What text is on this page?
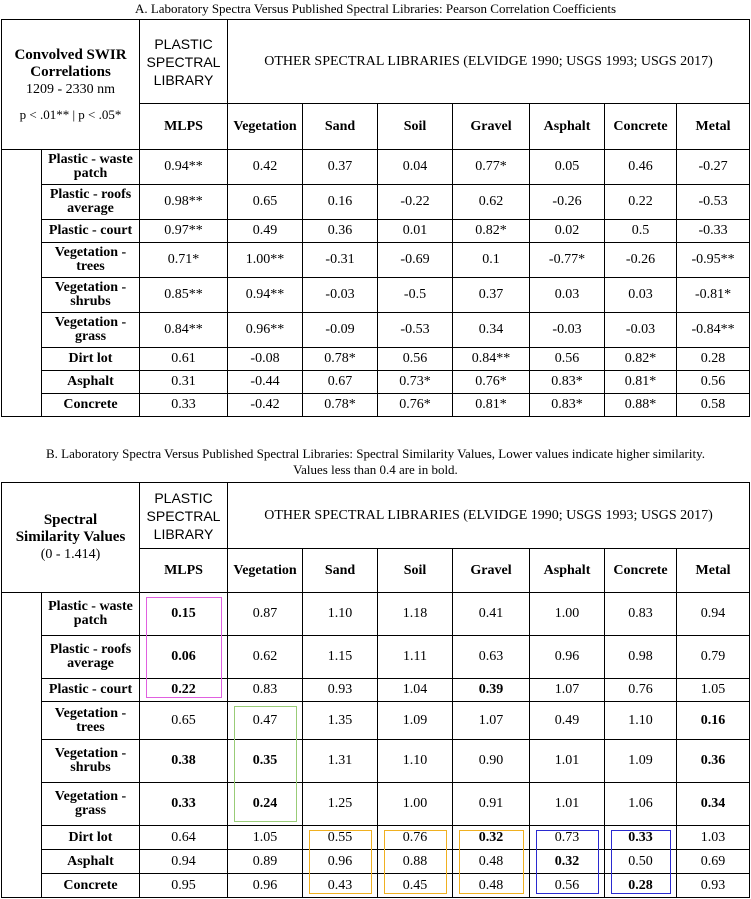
A. Laboratory Spectra Versus Published Spectral Libraries: Pearson Correlation Coefficients
Convolved SWIR
Correlations
1209 - 2330 nm
p < .01** | p < .05*		PLASTIC SPECTRAL LIBRARY	OTHER SPECTRAL LIBRARIES (ELVIDGE 1990; USGS 1993; USGS 2017)						
		MLPS	Vegetation	Sand	Soil	Gravel	Asphalt	Concrete	Metal
	Plastic - waste patch	0.94**	0.42	0.37	0.04	0.77*	0.05	0.46	-0.27
	Plastic - roofs average	0.98**	0.65	0.16	-0.22	0.62	-0.26	0.22	-0.53
	Plastic - court	0.97**	0.49	0.36	0.01	0.82*	0.02	0.5	-0.33
	Vegetation - trees	0.71*	1.00**	-0.31	-0.69	0.1	-0.77*	-0.26	-0.95**
	Vegetation - shrubs	0.85**	0.94**	-0.03	-0.5	0.37	0.03	0.03	-0.81*
	Vegetation - grass	0.84**	0.96**	-0.09	-0.53	0.34	-0.03	-0.03	-0.84**
	Dirt lot	0.61	-0.08	0.78*	0.56	0.84**	0.56	0.82*	0.28
	Asphalt	0.31	-0.44	0.67	0.73*	0.76*	0.83*	0.81*	0.56
	Concrete	0.33	-0.42	0.78*	0.76*	0.81*	0.83*	0.88*	0.58
B. Laboratory Spectra Versus Published Spectral Libraries: Spectral Similarity Values, Lower values indicate higher similarity.
Values less than 0.4 are in bold.
Spectral
Similarity Values
(0 - 1.414)		PLASTIC SPECTRAL LIBRARY	OTHER SPECTRAL LIBRARIES (ELVIDGE 1990; USGS 1993; USGS 2017)						
		MLPS	Vegetation	Sand	Soil	Gravel	Asphalt	Concrete	Metal
	Plastic - waste patch	0.15	0.87	1.10	1.18	0.41	1.00	0.83	0.94
	Plastic - roofs average	0.06	0.62	1.15	1.11	0.63	0.96	0.98	0.79
	Plastic - court	0.22	0.83	0.93	1.04	0.39	1.07	0.76	1.05
	Vegetation - trees	0.65	0.47	1.35	1.09	1.07	0.49	1.10	0.16
	Vegetation - shrubs	0.38	0.35	1.31	1.10	0.90	1.01	1.09	0.36
	Vegetation - grass	0.33	0.24	1.25	1.00	0.91	1.01	1.06	0.34
	Dirt lot	0.64	1.05	0.55	0.76	0.32	0.73	0.33	1.03
	Asphalt	0.94	0.89	0.96	0.88	0.48	0.32	0.50	0.69
	Concrete	0.95	0.96	0.43	0.45	0.48	0.56	0.28	0.93
